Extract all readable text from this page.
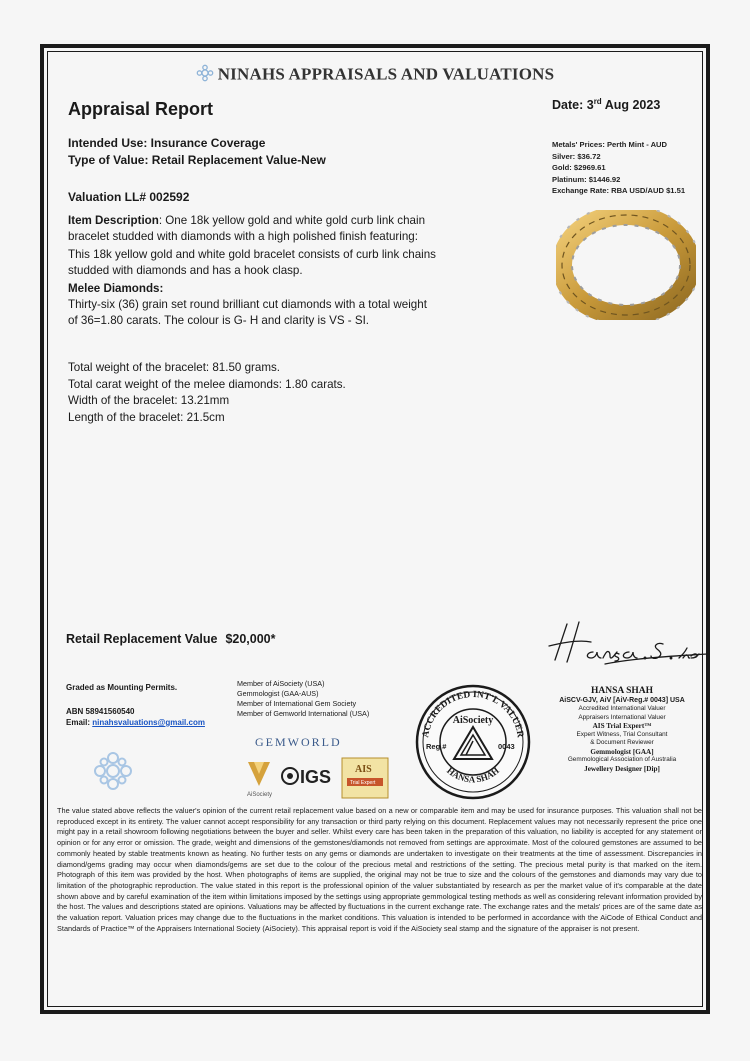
NINAHS APPRAISALS AND VALUATIONS
Appraisal Report	Date: 3rd Aug 2023
Intended Use: Insurance Coverage
Type of Value: Retail Replacement Value-New
Valuation LL# 002592

Item Description: One 18k yellow gold and white gold curb link chain bracelet studded with diamonds with a high polished finish featuring:

This 18k yellow gold and white gold bracelet consists of curb link chains studded with diamonds and has a hook clasp.

Melee Diamonds:

Thirty-six (36) grain set round brilliant cut diamonds with a total weight of 36=1.80 carats. The colour is G- H and clarity is VS - SI.

Total weight of the bracelet: 81.50 grams.
Total carat weight of the melee diamonds: 1.80 carats.
Width of the bracelet: 13.21mm
Length of the bracelet: 21.5cm
Metals' Prices: Perth Mint - AUD
Silver: $36.72
Gold: $2969.61
Platinum: $1446.92
Exchange Rate: RBA USD/AUD $1.51
Retail Replacement Value $20,000*
Graded as Mounting Permits.
ABN 58941560540
Email: ninahsvaluations@gmail.com
Member of AiSociety (USA)
Gemmologist (GAA-AUS)
Member of International Gem Society
Member of Gemworld International (USA)
GEMWORLD
AiSociety
IGS AIS
Trial Expert
ACCREDITED INT'L VALUER
HANSA SHAH
AiSociety
Reg #	0043
HANSA SHAH
AiSCV-GJV, AiV [AiV-Reg.# 0043] USA
Accredited International Valuer
Appraisers International Valuer
AIS Trial Expert™
Expert Witness, Trial Consultant
& Document Reviewer
Gemmologist [GAA]
Gemmological Association of Australia
Jewellery Designer [Dip]
The value stated above reflects the valuer's opinion of the current retail replacement value based on a new or comparable item and may be used for insurance purposes. This valuation shall not be reproduced except in its entirety. The valuer cannot accept responsibility for any transaction or third party relying on this document. Replacement values may not necessarily represent the price one might pay in a retail showroom following negotiations between the buyer and seller. Whilst every care has been taken in the preparation of this valuation, no liability is accepted for any statement or opinion or for any error or omission. The grade, weight and dimensions of the gemstones/diamonds not removed from settings are approximate. Most of the coloured gemstones are assumed to be commonly heated by stable treatments known as heating. No further tests on any gems or diamonds are undertaken to investigate on their treatments at the time of assessment. Discrepancies in diamond/gems grading may occur when diamonds/gems are set due to the colour of the precious metal and restrictions of the setting. The precious metal purity is that marked on the item. Photograph of this item was provided by the host. When photographs of items are supplied, the original may not be true to size and the colours of the gemstones and diamonds may vary due to limitation of the photographic reproduction. The value stated in this report is the professional opinion of the valuer substantiated by research as per the market value of it's comparable at the date shown above and by careful examination of the item within limitations imposed by the settings using appropriate gemmological testing methods as well as considering relevant information provided by the host. The values and descriptions stated are opinions. Valuations may be affected by fluctuations in the current exchange rate. The exchange rates and the metals' prices are of the same date as the valuation report. Valuation prices may change due to the fluctuations in the market conditions. This valuation is intended to be performed in accordance with the AiCode of Ethical Conduct and Standards of Practice™ of the Appraisers International Society (AiSociety). This appraisal report is void if the AiSociety seal stamp and the signature of the appraiser is not present.
